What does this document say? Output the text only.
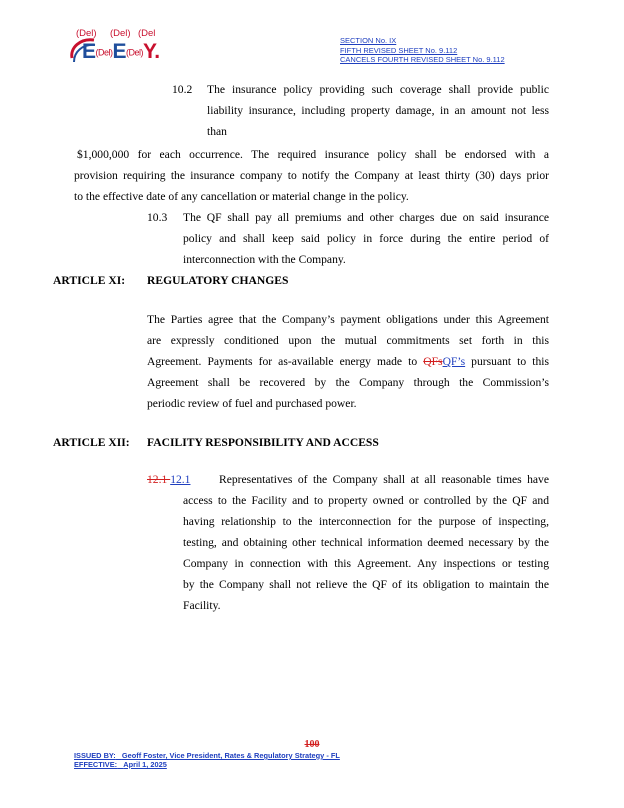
(Del) (Del) (Del
E(Del)E(Del)Y.	SECTION No. IX
FIFTH REVISED SHEET No. 9.112
CANCELS FOURTH REVISED SHEET No. 9.112
10.2 The insurance policy providing such coverage shall provide public
liability insurance, including property damage, in an amount not less
than
$1,000,000 for each occurrence. The required insurance policy shall be endorsed with a
provision requiring the insurance company to notify the Company at least thirty (30) days prior
to the effective date of any cancellation or material change in the policy.
10.3 The QF shall pay all premiums and other charges due on said insurance
policy and shall keep said policy in force during the entire period of
interconnection with the Company.
ARTICLE XI: REGULATORY CHANGES
The Parties agree that the Company’s payment obligations under this Agreement
are expressly conditioned upon the mutual commitments set forth in this
Agreement. Payments for as-available energy made to QFsQF’s pursuant to this
Agreement shall be recovered by the Company through the Commission’s
periodic review of fuel and purchased power.
ARTICLE XII: FACILITY RESPONSIBILITY AND ACCESS
12.1 12.1 Representatives of the Company shall at all reasonable times have
access to the Facility and to property owned or controlled by the QF and
having relationship to the interconnection for the purpose of inspecting,
testing, and obtaining other technical information deemed necessary by the
Company in connection with this Agreement. Any inspections or testing
by the Company shall not relieve the QF of its obligation to maintain the
Facility.
100
ISSUED BY: Geoff Foster, Vice President, Rates & Regulatory Strategy - FL
EFFECTIVE: April 1, 2025
